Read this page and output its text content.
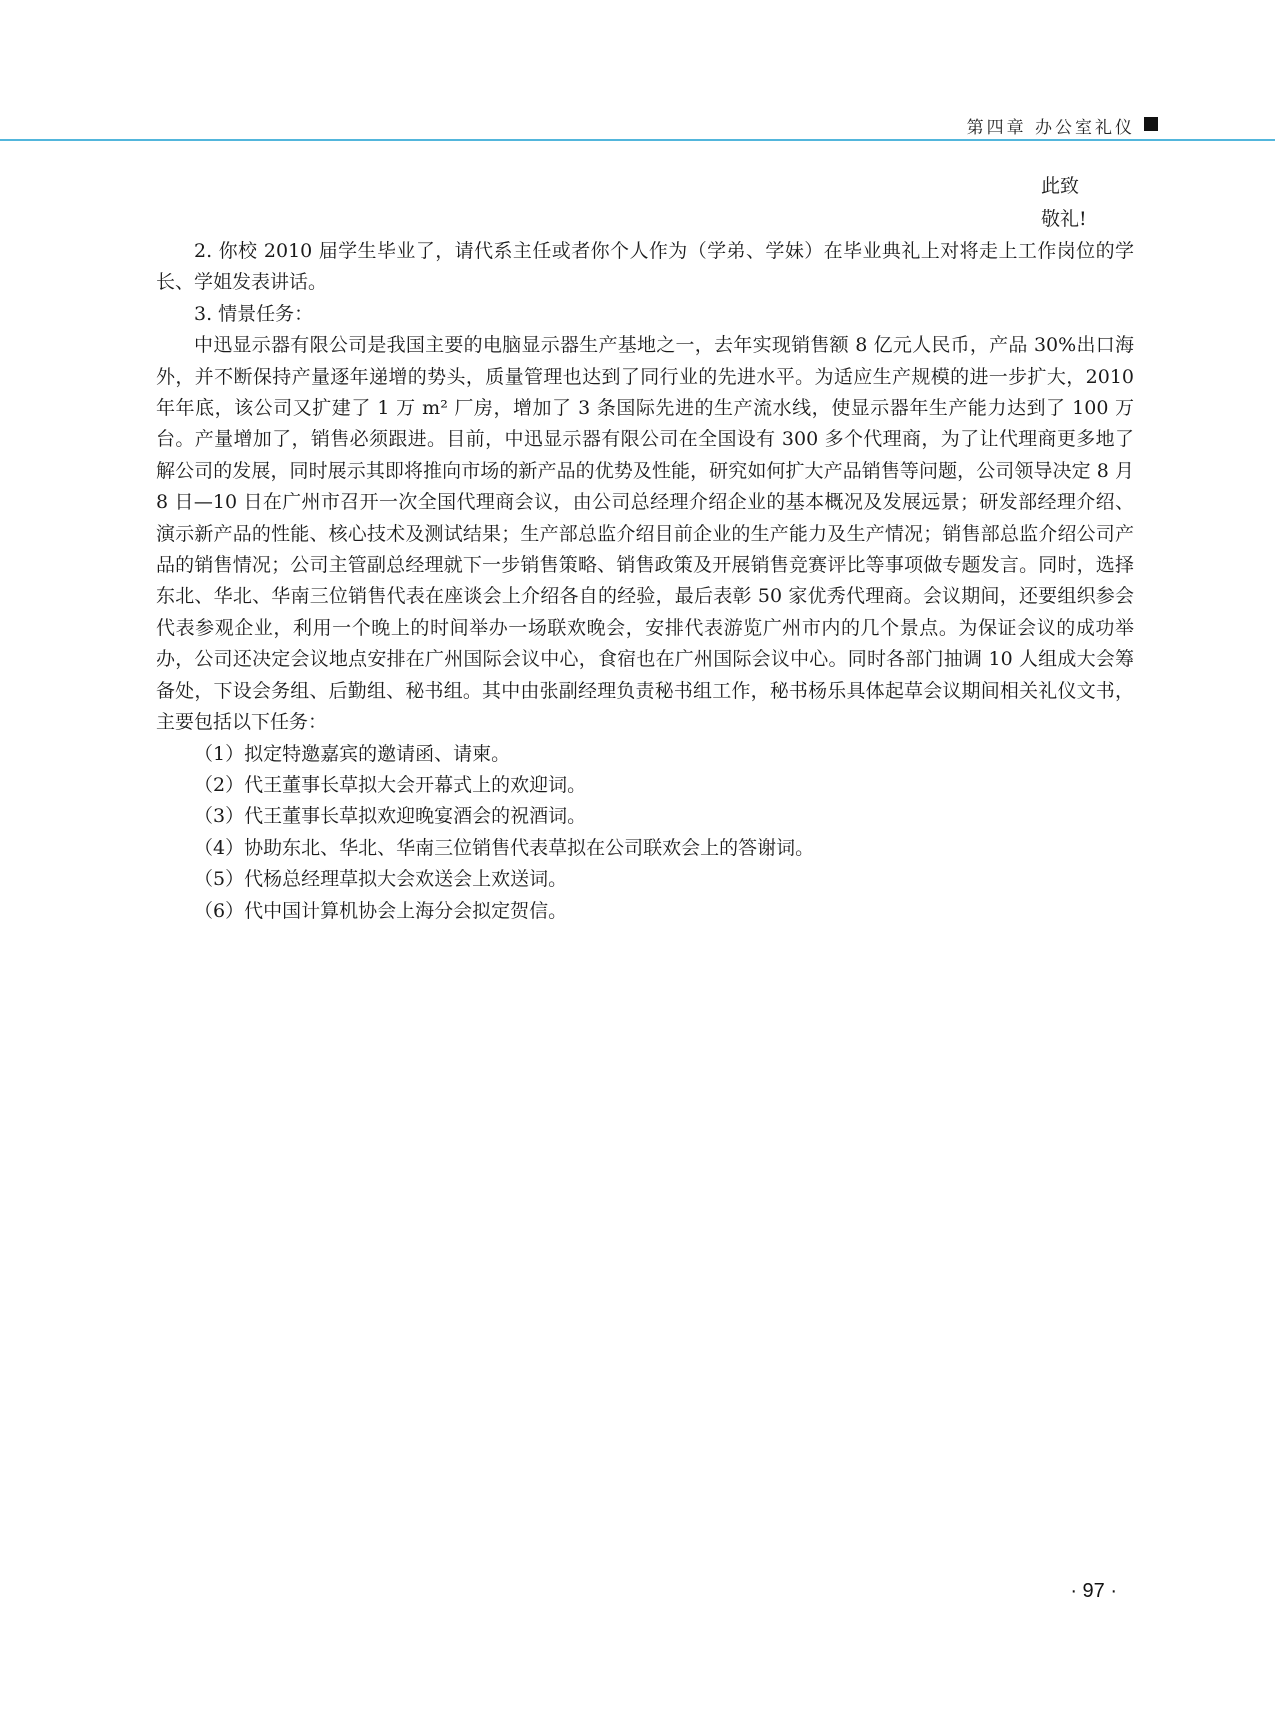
第四章 办公室礼仪
此致
敬礼!

2. 你校 2010 届学生毕业了，请代系主任或者你个人作为（学弟、学妹）在毕业典礼上对将走上工作岗位的学长、学姐发表讲话。

3. 情景任务：

中迅显示器有限公司是我国主要的电脑显示器生产基地之一，去年实现销售额 8 亿元人民币，产品 30%出口海外，并不断保持产量逐年递增的势头，质量管理也达到了同行业的先进水平。为适应生产规模的进一步扩大，2010 年年底，该公司又扩建了 1 万 m² 厂房，增加了 3 条国际先进的生产流水线，使显示器年生产能力达到了 100 万台。产量增加了，销售必须跟进。目前，中迅显示器有限公司在全国设有 300 多个代理商，为了让代理商更多地了解公司的发展，同时展示其即将推向市场的新产品的优势及性能，研究如何扩大产品销售等问题，公司领导决定 8 月 8 日—10 日在广州市召开一次全国代理商会议，由公司总经理介绍企业的基本概况及发展远景；研发部经理介绍、演示新产品的性能、核心技术及测试结果；生产部总监介绍目前企业的生产能力及生产情况；销售部总监介绍公司产品的销售情况；公司主管副总经理就下一步销售策略、销售政策及开展销售竞赛评比等事项做专题发言。同时，选择东北、华北、华南三位销售代表在座谈会上介绍各自的经验，最后表彰 50 家优秀代理商。会议期间，还要组织参会代表参观企业，利用一个晚上的时间举办一场联欢晚会，安排代表游览广州市内的几个景点。为保证会议的成功举办，公司还决定会议地点安排在广州国际会议中心，食宿也在广州国际会议中心。同时各部门抽调 10 人组成大会筹备处，下设会务组、后勤组、秘书组。其中由张副经理负责秘书组工作，秘书杨乐具体起草会议期间相关礼仪文书，主要包括以下任务：

（1）拟定特邀嘉宾的邀请函、请柬。

（2）代王董事长草拟大会开幕式上的欢迎词。

（3）代王董事长草拟欢迎晚宴酒会的祝酒词。

（4）协助东北、华北、华南三位销售代表草拟在公司联欢会上的答谢词。

（5）代杨总经理草拟大会欢送会上欢送词。

（6）代中国计算机协会上海分会拟定贺信。

· 97 ·
